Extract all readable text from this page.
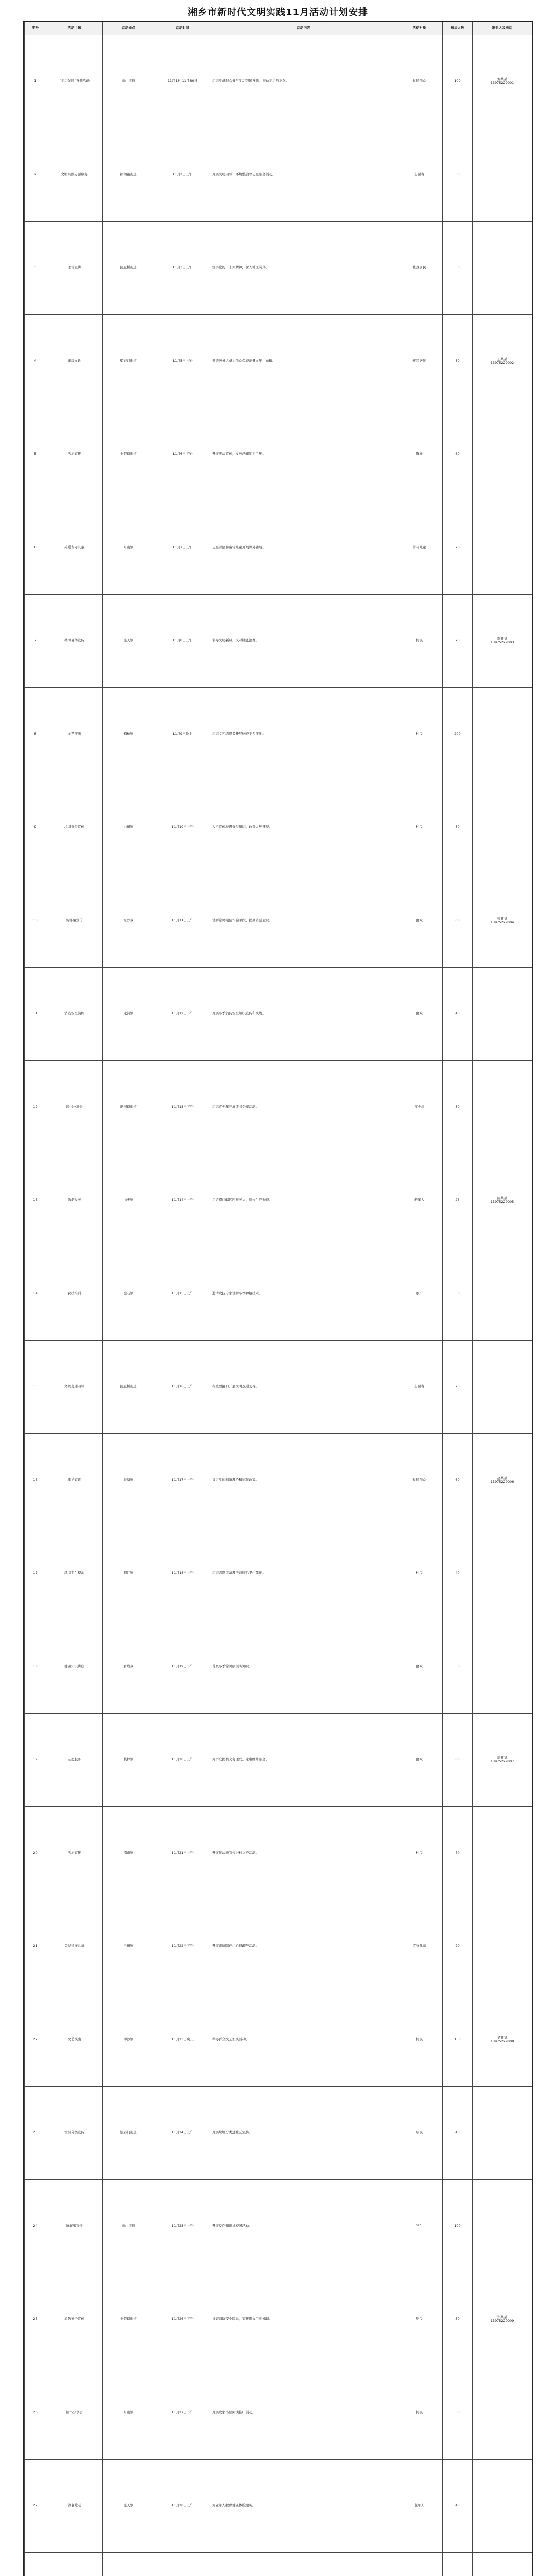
湘乡市新时代文明实践11月活动计划安排
序号	活动主题	活动地点	活动时间	活动内容	活动对象	参加人数	联系人及电话
1	“学习强国”答题活动	东山街道	11月1日-11月30日	组织党员群众参与学习强国答题，推动学习常态化。	党员群众	100	刘某某
13975229001
2	文明实践志愿服务	新湘路街道	11月2日上午	开展文明劝导、环境整治等志愿服务活动。	志愿者	30	
3	理论宣讲	昆仑桥街道	11月3日上午	宣讲党的二十大精神，深入社区院落。	社区居民	50	
4	健康义诊	望春门街道	11月5日上午	邀请医务人员为群众免费测量血压、血糖。	辖区居民	80	王某某
13975229002
5	法治宣传	书院路街道	11月6日下午	开展宪法宣传，发放法律知识手册。	群众	60	
6	关爱留守儿童	月山镇	11月7日上午	志愿者陪伴留守儿童开展课外辅导。	留守儿童	20	
7	移风易俗宣传	壶天镇	11月8日上午	倡导文明新风，反对铺张浪费。	村民	70	李某某
13975229003
8	文艺演出	梅桥镇	11月9日晚上	组织文艺志愿者开展送戏下乡演出。	村民	200	
9	垃圾分类宣传	白田镇	11月10日上午	入户宣传垃圾分类知识，改善人居环境。	村民	50	
10	防诈骗宣传	东郊乡	11月11日上午	讲解常见电信诈骗手段，提高防范意识。	群众	60	张某某
13975229004
11	消防安全演练	龙洞镇	11月12日下午	开展冬季消防安全知识宣传和演练。	群众	40	
12	读书分享会	新湘路街道	11月13日下午	组织青少年开展读书分享活动。	青少年	30	
13	敬老爱老	山枣镇	11月14日上午	走访慰问辖区困难老人，送去生活物资。	老年人	25	陈某某
13975229005
14	农技培训	金石镇	11月15日上午	邀请农技专家讲解冬季种植技术。	农户	50	
15	文明交通劝导	昆仑桥街道	11月16日上午	在重要路口开展文明交通劝导。	志愿者	20	
16	理论宣讲	泉塘镇	11月17日上午	宣讲党的创新理论和惠民政策。	党员群众	60	赵某某
13975229006
17	环境卫生整治	翻江镇	11月18日上午	组织志愿者清理房前屋后卫生死角。	村民	40	
18	健康知识讲座	育塅乡	11月19日下午	普及冬季常见病预防知识。	群众	50	
19	志愿服务	棋梓镇	11月20日上午	为群众提供义务理发、家电维修服务。	群众	60	周某某
13975229007
20	法治宣传	潭市镇	11月21日上午	开展民法典宣传进村入户活动。	村民	70	
21	关爱留守儿童	毛田镇	11月22日下午	开展亲情陪伴、心理疏导活动。	留守儿童	20	
22	文艺演出	中沙镇	11月23日晚上	举办群众文艺汇演活动。	村民	150	吴某某
13975229008
23	垃圾分类宣传	望春门街道	11月24日上午	开展垃圾分类进社区宣传。	居民	40	
24	防诈骗宣传	东山街道	11月25日上午	开展反诈知识进校园活动。	学生	100	
25	消防安全宣传	书院路街道	11月26日下午	排查消防安全隐患，宣传用火用电知识。	居民	30	郑某某
13975229009
26	读书分享会	月山镇	11月27日下午	开展农家书屋阅读推广活动。	村民	30	
27	敬老爱老	壶天镇	11月28日上午	为老年人提供健康体检服务。	老年人	40	
